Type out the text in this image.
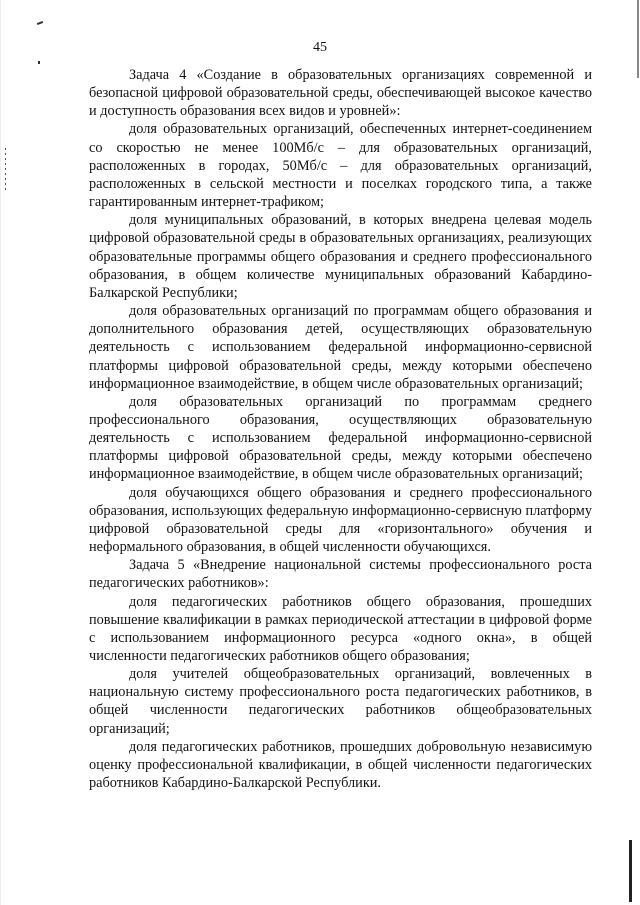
45

Задача 4 «Создание в образовательных организациях современной и безопасной цифровой образовательной среды, обеспечивающей высокое качество и доступность образования всех видов и уровней»:

доля образовательных организаций, обеспеченных интернет-соединением со скоростью не менее 100Мб/с – для образовательных организаций, расположенных в городах, 50Мб/с – для образовательных организаций, расположенных в сельской местности и поселках городского типа, а также гарантированным интернет-трафиком;

доля муниципальных образований, в которых внедрена целевая модель цифровой образовательной среды в образовательных организациях, реализующих образовательные программы общего образования и среднего профессионального образования, в общем количестве муниципальных образований Кабардино-Балкарской Республики;

доля образовательных организаций по программам общего образования и дополнительного образования детей, осуществляющих образовательную деятельность с использованием федеральной информационно-сервисной платформы цифровой образовательной среды, между которыми обеспечено информационное взаимодействие, в общем числе образовательных организаций;

доля образовательных организаций по программам среднего профессионального образования, осуществляющих образовательную деятельность с использованием федеральной информационно-сервисной платформы цифровой образовательной среды, между которыми обеспечено информационное взаимодействие, в общем числе образовательных организаций;

доля обучающихся общего образования и среднего профессионального образования, использующих федеральную информационно-сервисную платформу цифровой образовательной среды для «горизонтального» обучения и неформального образования, в общей численности обучающихся.

Задача 5 «Внедрение национальной системы профессионального роста педагогических работников»:

доля педагогических работников общего образования, прошедших повышение квалификации в рамках периодической аттестации в цифровой форме с использованием информационного ресурса «одного окна», в общей численности педагогических работников общего образования;

доля учителей общеобразовательных организаций, вовлеченных в национальную систему профессионального роста педагогических работников, в общей численности педагогических работников общеобразовательных организаций;

доля педагогических работников, прошедших добровольную независимую оценку профессиональной квалификации, в общей численности педагогических работников Кабардино-Балкарской Республики.
